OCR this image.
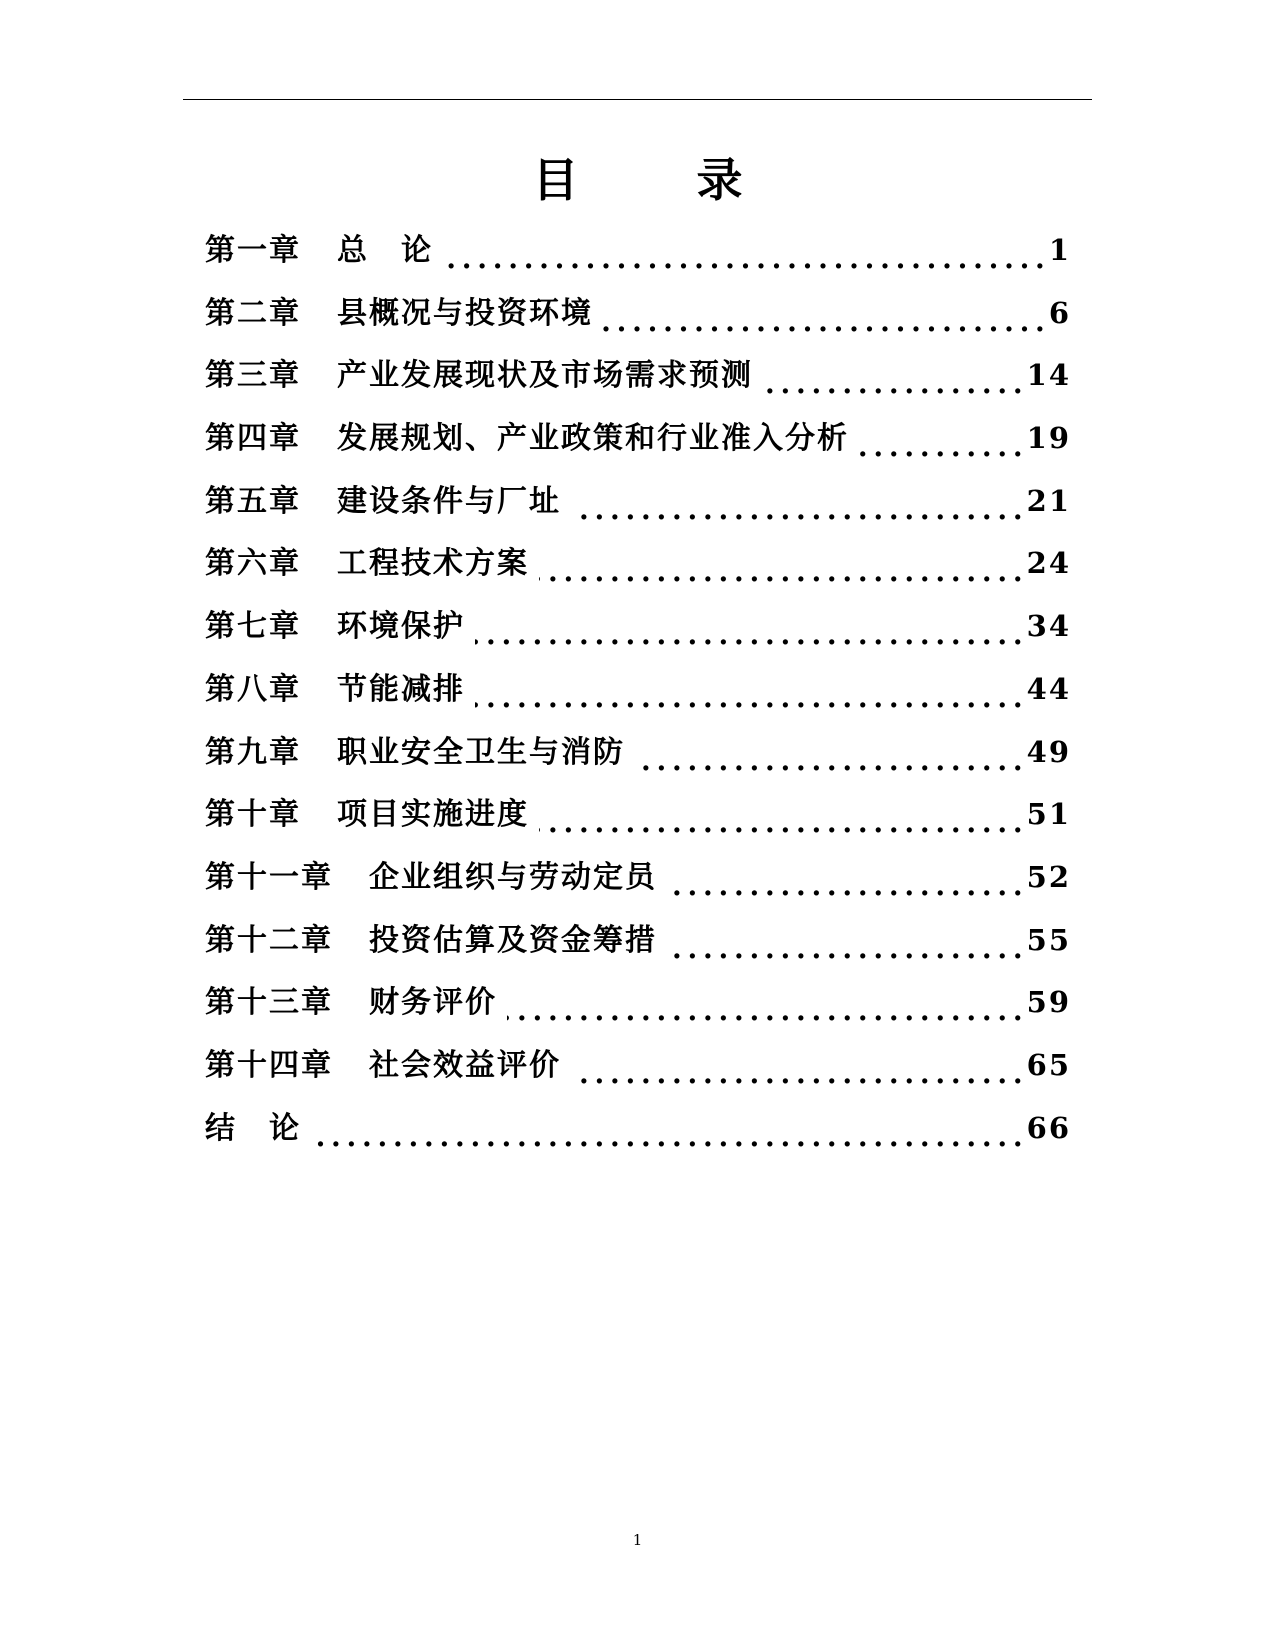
目　录
第一章 总　论 . . .	1
第二章 县概况与投资环境 . . .	6
第三章 产业发展现状及市场需求预测 . . .	14
第四章 发展规划、产业政策和行业准入分析 . . .	19
第五章 建设条件与厂址 . . .	21
第六章 工程技术方案 . . .	24
第七章 环境保护 . . .	34
第八章 节能减排 . . .	44
第九章 职业安全卫生与消防 . . .	49
第十章 项目实施进度 . . .	51
第十一章 企业组织与劳动定员 . . .	52
第十二章 投资估算及资金筹措 . . .	55
第十三章 财务评价 . . .	59
第十四章 社会效益评价 . . .	65
结　论 . . .	66
1
